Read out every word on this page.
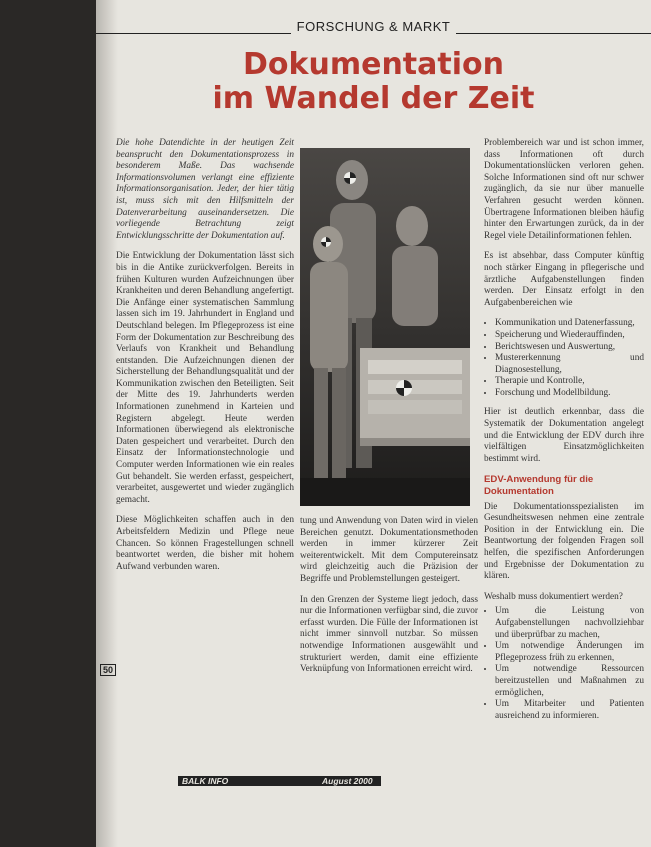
FORSCHUNG & MARKT
Dokumentation
im Wandel der Zeit

Die hohe Datendichte in der heutigen Zeit beansprucht den Dokumentationsprozess in besonderem Maße. Das wachsende Informationsvolumen verlangt eine effiziente Informationsorganisation. Jeder, der hier tätig ist, muss sich mit den Hilfsmitteln der Datenverarbeitung auseinandersetzen. Die vorliegende Betrachtung zeigt Entwicklungsschritte der Dokumentation auf.

Die Entwicklung der Dokumentation lässt sich bis in die Antike zurückverfolgen. Bereits in frühen Kulturen wurden Aufzeichnungen über Krankheiten und deren Behandlung angefertigt. Die Anfänge einer systematischen Sammlung lassen sich im 19. Jahrhundert in England und Deutschland belegen. Im Pflegeprozess ist eine Form der Dokumentation zur Beschreibung des Verlaufs von Krankheit und Behandlung entstanden. Die Aufzeichnungen dienen der Sicherstellung der Behandlungsqualität und der Kommunikation zwischen den Beteiligten. Seit der Mitte des 19. Jahrhunderts werden Informationen zunehmend in Karteien und Registern abgelegt. Heute werden Informationen überwiegend als elektronische Daten gespeichert und verarbeitet. Durch den Einsatz der Informationstechnologie und Computer werden Informationen wie ein reales Gut behandelt. Sie werden erfasst, gespeichert, verarbeitet, ausgewertet und wieder zugänglich gemacht.

Diese Möglichkeiten schaffen auch in den Arbeitsfeldern Medizin und Pflege neue Chancen. So können Fragestellungen schnell beantwortet werden, die bisher mit hohem Aufwand verbunden waren.

tung und Anwendung von Daten wird in vielen Bereichen genutzt. Dokumentationsmethoden werden in immer kürzerer Zeit weiterentwickelt. Mit dem Computereinsatz wird gleichzeitig auch die Präzision der Begriffe und Problemstellungen gesteigert.

In den Grenzen der Systeme liegt jedoch, dass nur die Informationen verfügbar sind, die zuvor erfasst wurden. Die Fülle der Informationen ist nicht immer sinnvoll nutzbar. So müssen notwendige Informationen ausgewählt und strukturiert werden, damit eine effiziente Verknüpfung von Informationen erreicht wird.

Problembereich war und ist schon immer, dass Informationen oft durch Dokumentationslücken verloren gehen. Solche Informationen sind oft nur schwer zugänglich, da sie nur über manuelle Verfahren gesucht werden können. Übertragene Informationen bleiben häufig hinter den Erwartungen zurück, da in der Regel viele Detailinformationen fehlen.

Es ist absehbar, dass Computer künftig noch stärker Eingang in pflegerische und ärztliche Aufgabenstellungen finden werden. Der Einsatz erfolgt in den Aufgabenbereichen wie

• Kommunikation und Datenerfassung,
• Speicherung und Wiederauffinden,
• Berichtswesen und Auswertung,
• Mustererkennung und Diagnosestellung,
• Therapie und Kontrolle,
• Forschung und Modellbildung.

Hier ist deutlich erkennbar, dass die Systematik der Dokumentation angelegt und die Entwicklung der EDV durch ihre vielfältigen Einsatzmöglichkeiten bestimmt wird.

EDV-Anwendung für die Dokumentation

Die Dokumentationsspezialisten im Gesundheitswesen nehmen eine zentrale Position in der Entwicklung ein. Die Beantwortung der folgenden Fragen soll helfen, die spezifischen Anforderungen und Ergebnisse der Dokumentation zu klären.

Weshalb muss dokumentiert werden?

• Um die Leistung von Aufgabenstellungen nachvollziehbar und überprüfbar zu machen,
• Um notwendige Änderungen im Pflegeprozess früh zu erkennen,
• Um notwendige Ressourcen bereitzustellen und Maßnahmen zu ermöglichen,
• Um Mitarbeiter und Patienten ausreichend zu informieren.
50
BALK INFO	August 2000
